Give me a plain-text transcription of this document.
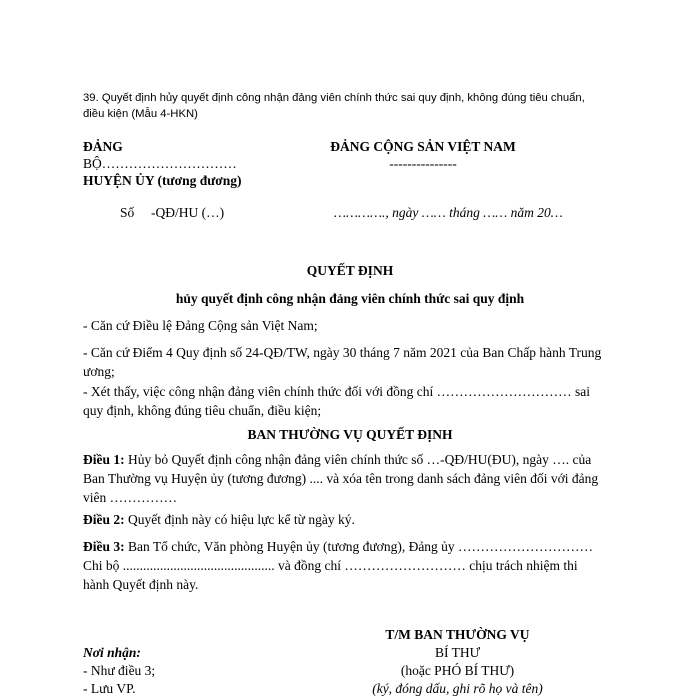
39. Quyết định hủy quyết định công nhận đảng viên chính thức sai quy định, không đúng tiêu chuẩn,
điều kiện (Mẫu 4-HKN)
ĐẢNG
BỘ…………………………
HUYỆN ỦY (tương đương)
ĐẢNG CỘNG SẢN VIỆT NAM
---------------
Số -QĐ/HU (…)	…………., ngày …… tháng …… năm 20…
QUYẾT ĐỊNH
hủy quyết định công nhận đảng viên chính thức sai quy định
- Căn cứ Điều lệ Đảng Cộng sản Việt Nam;
- Căn cứ Điểm 4 Quy định số 24-QĐ/TW, ngày 30 tháng 7 năm 2021 của Ban Chấp hành Trung
ương;
- Xét thấy, việc công nhận đảng viên chính thức đối với đồng chí ………………………… sai
quy định, không đúng tiêu chuẩn, điều kiện;
BAN THƯỜNG VỤ QUYẾT ĐỊNH
Điều 1: Hủy bỏ Quyết định công nhận đảng viên chính thức số …-QĐ/HU(ĐU), ngày …. của
Ban Thường vụ Huyện ủy (tương đương) .... và xóa tên trong danh sách đảng viên đối với đảng
viên ……………
Điều 2: Quyết định này có hiệu lực kể từ ngày ký.
Điều 3: Ban Tổ chức, Văn phòng Huyện ủy (tương đương), Đảng ủy …………………………
Chi bộ ............................................. và đồng chí ……………………… chịu trách nhiệm thi
hành Quyết định này.
Nơi nhận:
- Như điều 3;
- Lưu VP.
T/M BAN THƯỜNG VỤ
BÍ THƯ
(hoặc PHÓ BÍ THƯ)
(ký, đóng dấu, ghi rõ họ và tên)
